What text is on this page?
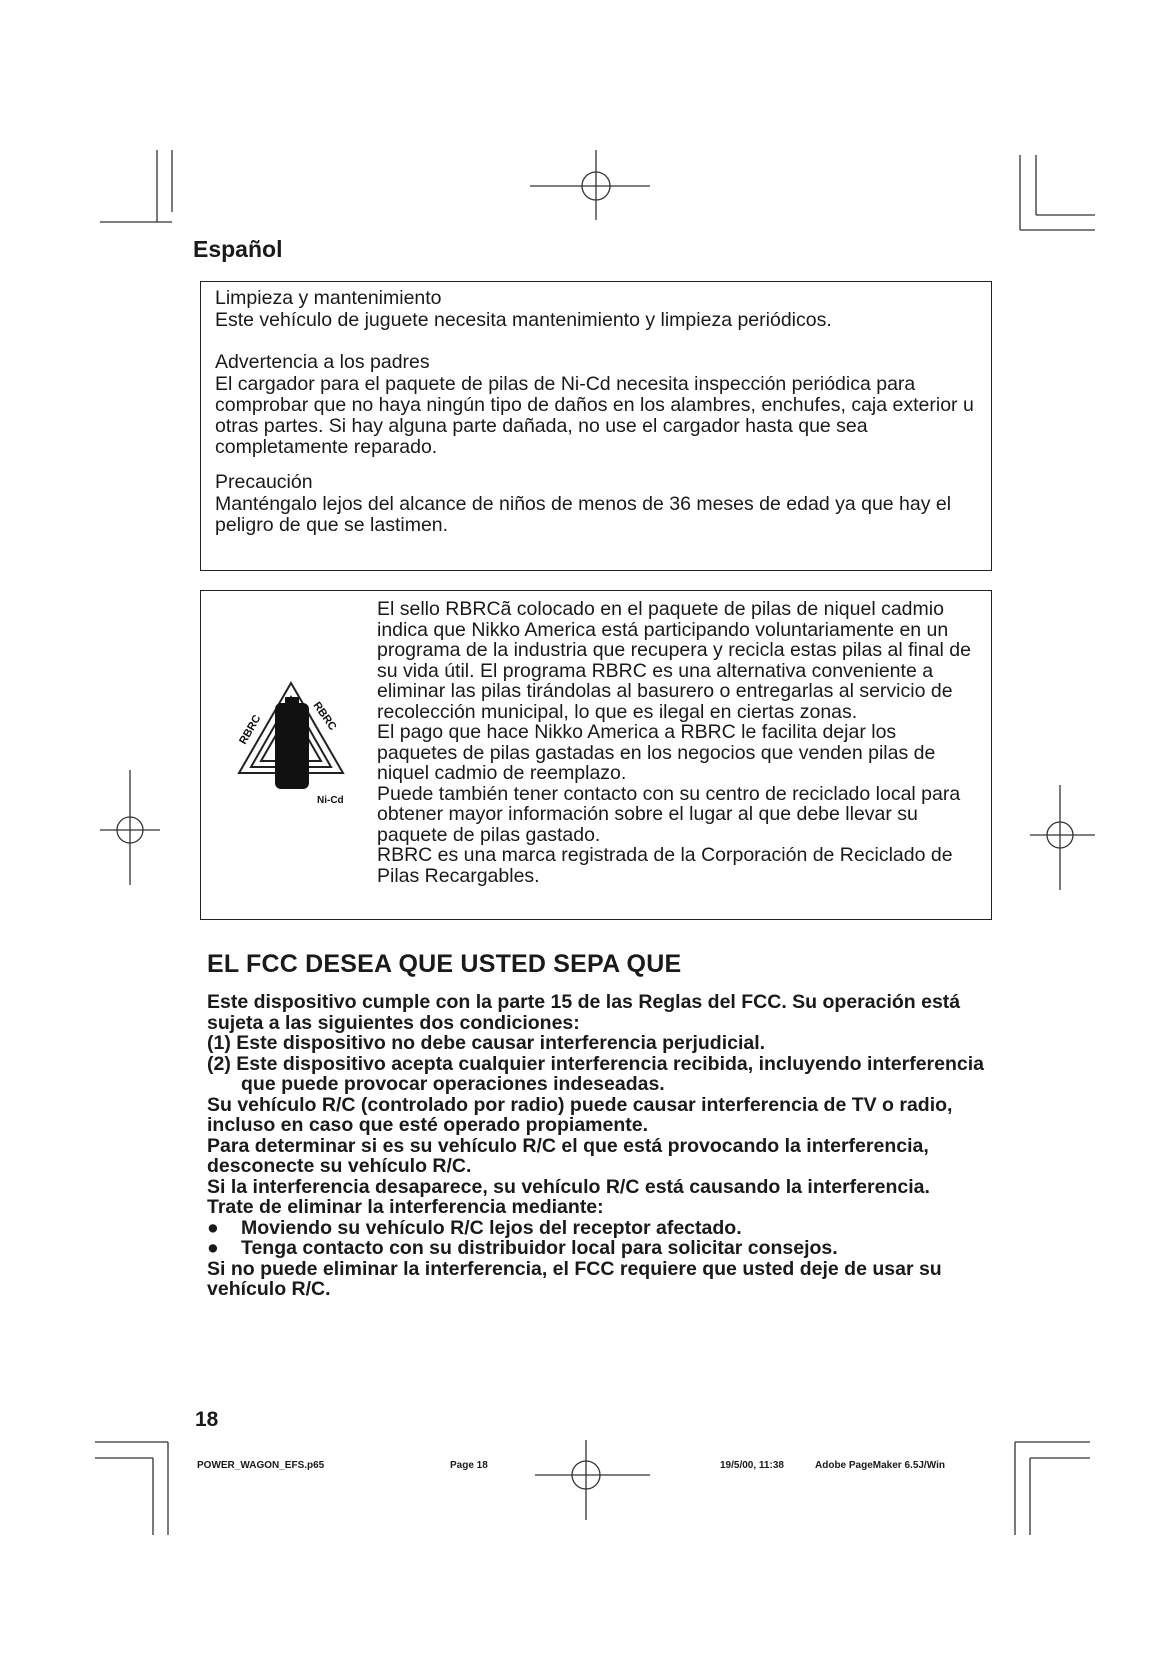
Español
Limpieza y mantenimiento
Este vehículo de juguete necesita mantenimiento y limpieza periódicos.
Advertencia a los padres
El cargador para el paquete de pilas de Ni-Cd necesita inspección periódica para comprobar que no haya ningún tipo de daños en los alambres, enchufes, caja exterior u otras partes. Si hay alguna parte dañada, no use el cargador hasta que sea completamente reparado.
Precaución
Manténgalo lejos del alcance de niños de menos de 36 meses de edad ya que hay el peligro de que se lastimen.
RBRC
RBRC
Ni-Cd

El sello RBRCã colocado en el paquete de pilas de niquel cadmio indica que Nikko America está participando voluntariamente en un programa de la industria que recupera y recicla estas pilas al final de su vida útil. El programa RBRC es una alternativa conveniente a eliminar las pilas tirándolas al basurero o entregarlas al servicio de recolección municipal, lo que es ilegal en ciertas zonas.

El pago que hace Nikko America a RBRC le facilita dejar los paquetes de pilas gastadas en los negocios que venden pilas de niquel cadmio de reemplazo.

Puede también tener contacto con su centro de reciclado local para obtener mayor información sobre el lugar al que debe llevar su paquete de pilas gastado.

RBRC es una marca registrada de la Corporación de Reciclado de Pilas Recargables.

EL FCC DESEA QUE USTED SEPA QUE

Este dispositivo cumple con la parte 15 de las Reglas del FCC. Su operación está sujeta a las siguientes dos condiciones:

(1) Este dispositivo no debe causar interferencia perjudicial.

(2) Este dispositivo acepta cualquier interferencia recibida, incluyendo interferencia que puede provocar operaciones indeseadas.

Su vehículo R/C (controlado por radio) puede causar interferencia de TV o radio, incluso en caso que esté operado propiamente.

Para determinar si es su vehículo R/C el que está provocando la interferencia, desconecte su vehículo R/C.

Si la interferencia desaparece, su vehículo R/C está causando la interferencia.

Trate de eliminar la interferencia mediante:

● Moviendo su vehículo R/C lejos del receptor afectado.

● Tenga contacto con su distribuidor local para solicitar consejos.

Si no puede eliminar la interferencia, el FCC requiere que usted deje de usar su vehículo R/C.

18
POWER_WAGON_EFS.p65	Page 18	19/5/00, 11:38	Adobe PageMaker 6.5J/Win
